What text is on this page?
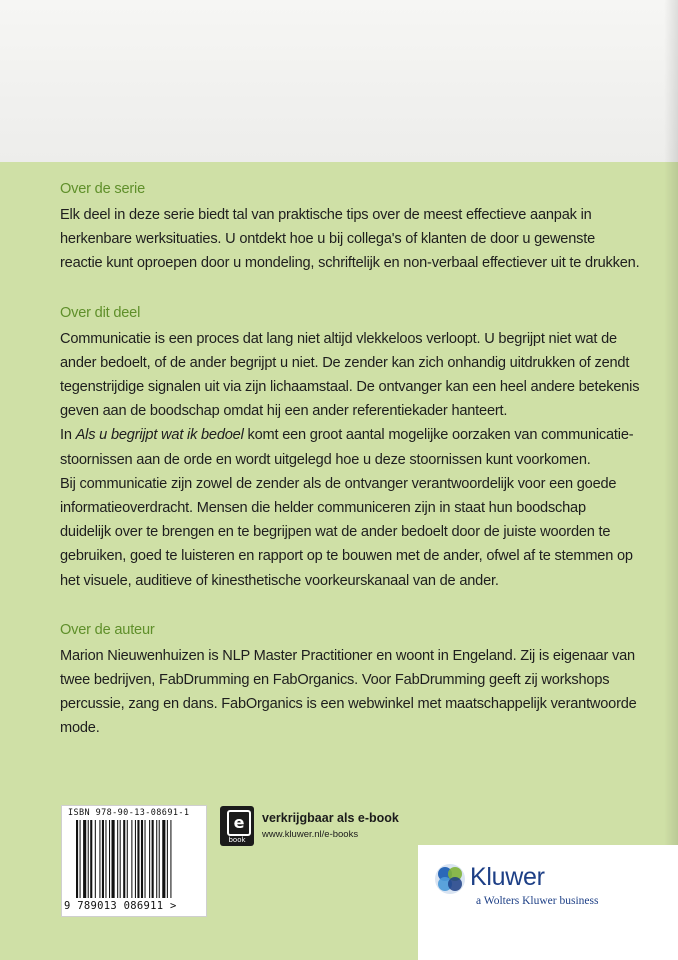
Over de serie

Elk deel in deze serie biedt tal van praktische tips over de meest effectieve aanpak in herkenbare werksituaties. U ontdekt hoe u bij collega's of klanten de door u gewenste reactie kunt oproepen door u mondeling, schriftelijk en non-verbaal effectiever uit te drukken.

Over dit deel

Communicatie is een proces dat lang niet altijd vlekkeloos verloopt. U begrijpt niet wat de ander bedoelt, of de ander begrijpt u niet. De zender kan zich onhandig uitdrukken of zendt tegenstrijdige signalen uit via zijn lichaamstaal. De ontvanger kan een heel andere betekenis geven aan de boodschap omdat hij een ander referentiekader hanteert.

In Als u begrijpt wat ik bedoel komt een groot aantal mogelijke oorzaken van communicatie-stoornissen aan de orde en wordt uitgelegd hoe u deze stoornissen kunt voorkomen.

Bij communicatie zijn zowel de zender als de ontvanger verantwoordelijk voor een goede informatieoverdracht. Mensen die helder communiceren zijn in staat hun boodschap duidelijk over te brengen en te begrijpen wat de ander bedoelt door de juiste woorden te gebruiken, goed te luisteren en rapport op te bouwen met de ander, ofwel af te stemmen op het visuele, auditieve of kinesthetische voorkeurskanaal van de ander.

Over de auteur

Marion Nieuwenhuizen is NLP Master Practitioner en woont in Engeland. Zij is eigenaar van twee bedrijven, FabDrumming en FabOrganics. Voor FabDrumming geeft zij workshops percussie, zang en dans. FabOrganics is een webwinkel met maatschappelijk verantwoorde mode.

ISBN 978-90-13-08691-1
9 789013 086911 >
e
book
verkrijgbaar als e-book
www.kluwer.nl/e-books
Kluwer
a Wolters Kluwer business
